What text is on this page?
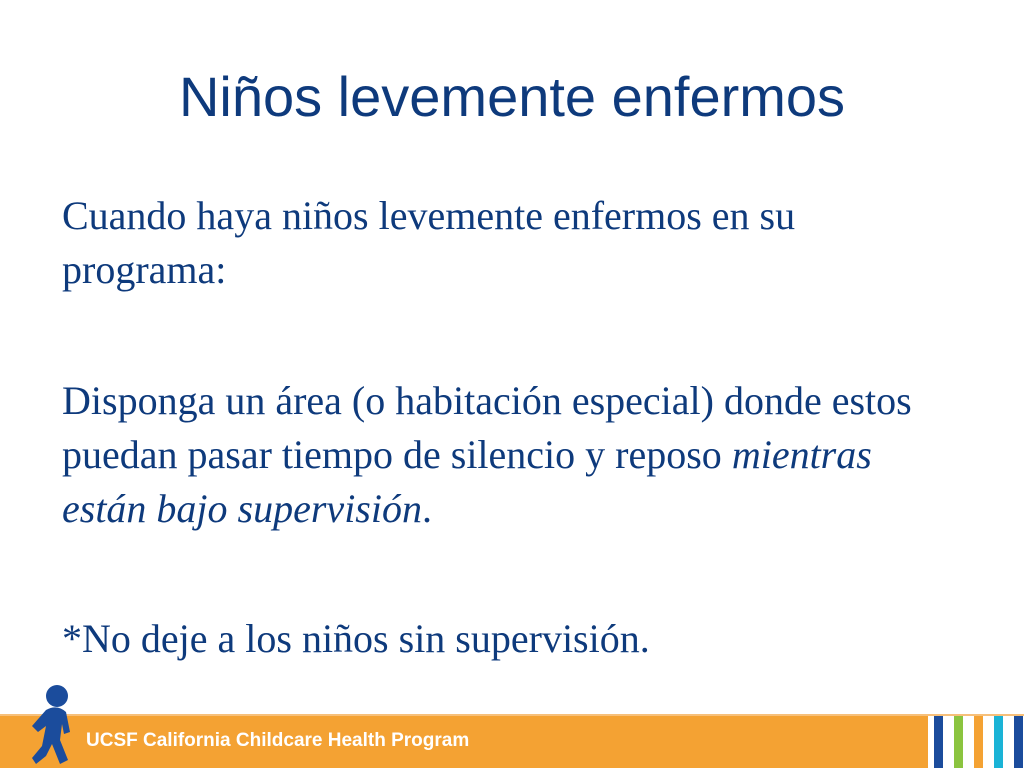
Niños levemente enfermos

Cuando haya niños levemente enfermos en su programa:

Disponga un área (o habitación especial) donde estos puedan pasar tiempo de silencio y reposo mientras están bajo supervisión.

*No deje a los niños sin supervisión.

UCSF California Childcare Health Program
